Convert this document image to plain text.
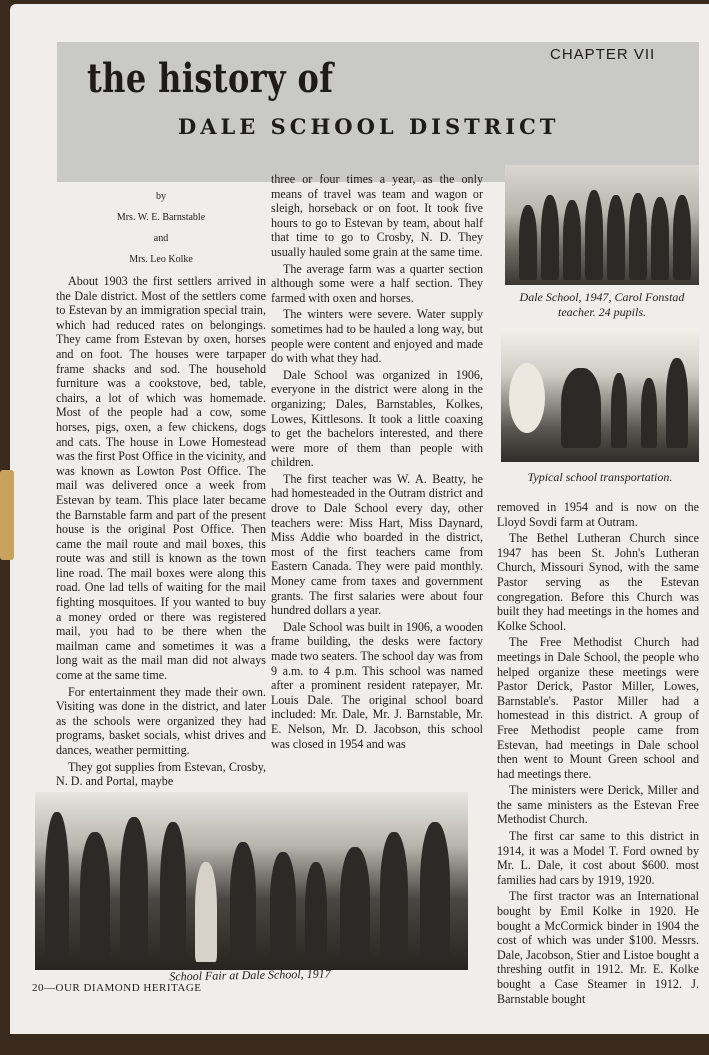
CHAPTER VII
the history of
DALE SCHOOL DISTRICT
by
Mrs. W. E. Barnstable
and
Mrs. Leo Kolke

About 1903 the first settlers arrived in the Dale district. Most of the settlers come to Estevan by an immigration special train, which had reduced rates on belongings. They came from Estevan by oxen, horses and on foot. The houses were tarpaper frame shacks and sod. The household furniture was a cookstove, bed, table, chairs, a lot of which was homemade. Most of the people had a cow, some horses, pigs, oxen, a few chickens, dogs and cats. The house in Lowe Homestead was the first Post Office in the vicinity, and was known as Lowton Post Office. The mail was delivered once a week from Estevan by team. This place later became the Barnstable farm and part of the present house is the original Post Office. Then came the mail route and mail boxes, this route was and still is known as the town line road. The mail boxes were along this road. One lad tells of waiting for the mail fighting mosquitoes. If you wanted to buy a money orded or there was registered mail, you had to be there when the mailman came and sometimes it was a long wait as the mail man did not always come at the same time.

For entertainment they made their own. Visiting was done in the district, and later as the schools were organized they had programs, basket socials, whist drives and dances, weather permitting.

They got supplies from Estevan, Crosby, N. D. and Portal, maybe

three or four times a year, as the only means of travel was team and wagon or sleigh, horseback or on foot. It took five hours to go to Estevan by team, about half that time to go to Crosby, N. D. They usually hauled some grain at the same time.

The average farm was a quarter section although some were a half section. They farmed with oxen and horses.

The winters were severe. Water supply sometimes had to be hauled a long way, but people were content and enjoyed and made do with what they had.

Dale School was organized in 1906, everyone in the district were along in the organizing; Dales, Barnstables, Kolkes, Lowes, Kittlesons. It took a little coaxing to get the bachelors interested, and there were more of them than people with children.

The first teacher was W. A. Beatty, he had homesteaded in the Outram district and drove to Dale School every day, other teachers were: Miss Hart, Miss Daynard, Miss Addie who boarded in the district, most of the first teachers came from Eastern Canada. They were paid monthly. Money came from taxes and government grants. The first salaries were about four hundred dollars a year.

Dale School was built in 1906, a wooden frame building, the desks were factory made two seaters. The school day was from 9 a.m. to 4 p.m. This school was named after a prominent resident ratepayer, Mr. Louis Dale. The original school board included: Mr. Dale, Mr. J. Barnstable, Mr. E. Nelson, Mr. D. Jacobson, this school was closed in 1954 and was

Dale School, 1947, Carol Fonstad teacher. 24 pupils.
Typical school transportation.

removed in 1954 and is now on the Lloyd Sovdi farm at Outram.

The Bethel Lutheran Church since 1947 has been St. John's Lutheran Church, Missouri Synod, with the same Pastor serving as the Estevan congregation. Before this Church was built they had meetings in the homes and Kolke School.

The Free Methodist Church had meetings in Dale School, the people who helped organize these meetings were Pastor Derick, Pastor Miller, Lowes, Barnstable's. Pastor Miller had a homestead in this district. A group of Free Methodist people came from Estevan, had meetings in Dale school then went to Mount Green school and had meetings there.

The ministers were Derick, Miller and the same ministers as the Estevan Free Methodist Church.

The first car same to this district in 1914, it was a Model T. Ford owned by Mr. L. Dale, it cost about $600. most families had cars by 1919, 1920.

The first tractor was an International bought by Emil Kolke in 1920. He bought a McCormick binder in 1904 the cost of which was under $100. Messrs. Dale, Jacobson, Stier and Listoe bought a threshing outfit in 1912. Mr. E. Kolke bought a Case Steamer in 1912. J. Barnstable bought

School Fair at Dale School, 1917
20—OUR DIAMOND HERITAGE
